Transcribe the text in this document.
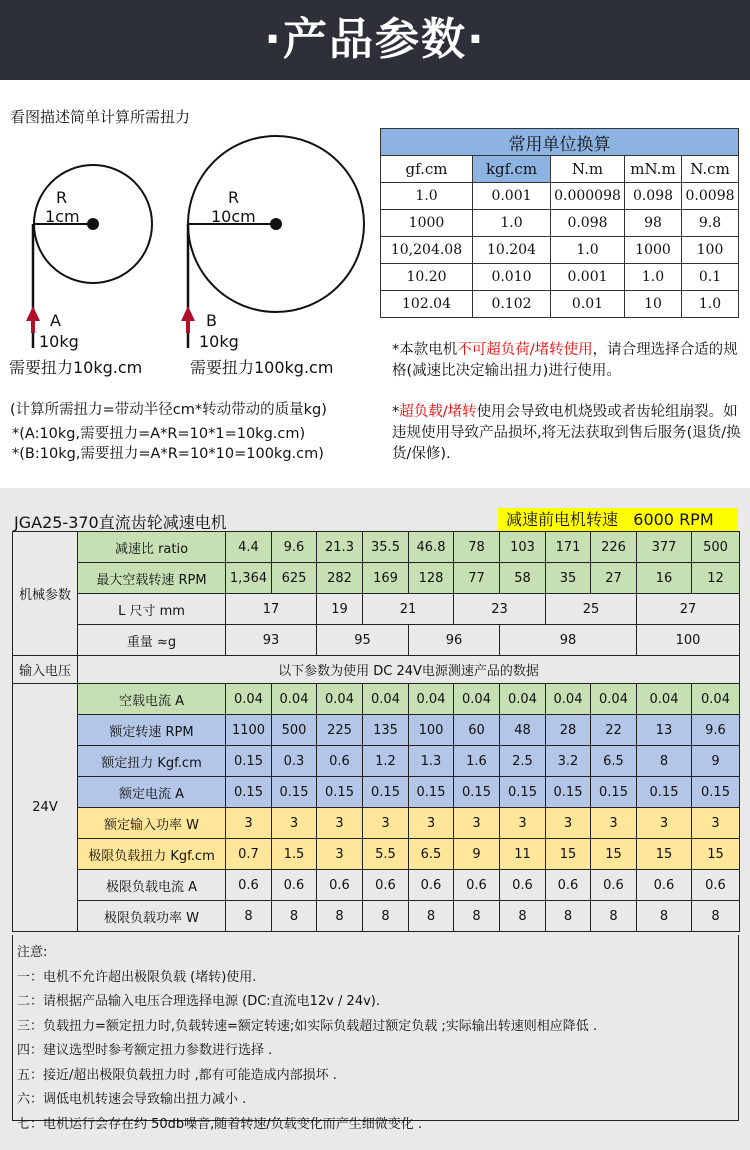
·产品参数·
看图描述简单计算所需扭力
R
1cm
A
10kg
需要扭力10kg.cm
R
10cm
B
10kg
需要扭力100kg.cm
(计算所需扭力=带动半径cm*转动带动的质量kg)
*(A:10kg,需要扭力=A*R=10*1=10kg.cm)
*(B:10kg,需要扭力=A*R=10*10=100kg.cm)
常用单位换算				
gf.cm	kgf.cm	N.m	mN.m	N.cm
1.0	0.001	0.000098	0.098	0.0098
1000	1.0	0.098	98	9.8
10,204.08	10.204	1.0	1000	100
10.20	0.010	0.001	1.0	0.1
102.04	0.102	0.01	10	1.0
*本款电机不可超负荷/堵转使用，请合理选择合适的规格(减速比决定输出扭力)进行使用。
*超负载/堵转使用会导致电机烧毁或者齿轮组崩裂。如违规使用导致产品损坏,将无法获取到售后服务(退货/换货/保修).
JGA25-370直流齿轮减速电机	减速前电机转速   6000 RPM
机械参数	减速比 ratio	4.4	9.6	21.3	35.5	46.8	78	103	171	226	377	500
	最大空载转速 RPM	1,364	625	282	169	128	77	58	35	27	16	12
	L 尺寸 mm	17		19	21		23		25		27	
	重量 ≈g	93		95		96		98			100	
输入电压	以下参数为使用 DC 24V电源测速产品的数据											
24V	空载电流 A	0.04	0.04	0.04	0.04	0.04	0.04	0.04	0.04	0.04	0.04	0.04
	额定转速 RPM	1100	500	225	135	100	60	48	28	22	13	9.6
	额定扭力 Kgf.cm	0.15	0.3	0.6	1.2	1.3	1.6	2.5	3.2	6.5	8	9
	额定电流 A	0.15	0.15	0.15	0.15	0.15	0.15	0.15	0.15	0.15	0.15	0.15
	额定输入功率 W	3	3	3	3	3	3	3	3	3	3	3
	极限负载扭力 Kgf.cm	0.7	1.5	3	5.5	6.5	9	11	15	15	15	15
	极限负载电流 A	0.6	0.6	0.6	0.6	0.6	0.6	0.6	0.6	0.6	0.6	0.6
	极限负载功率 W	8	8	8	8	8	8	8	8	8	8	8
注意:
一：电机不允许超出极限负载 (堵转)使用.
二：请根据产品输入电压合理选择电源 (DC:直流电12v / 24v).
三：负载扭力=额定扭力时,负载转速=额定转速;如实际负载超过额定负载 ;实际输出转速则相应降低 .
四：建议选型时参考额定扭力参数进行选择 .
五：接近/超出极限负载扭力时 ,都有可能造成内部损坏 .
六：调低电机转速会导致输出扭力减小 .
七：电机运行会存在约 50db噪音,随着转速/负载变化而产生细微变化 .
